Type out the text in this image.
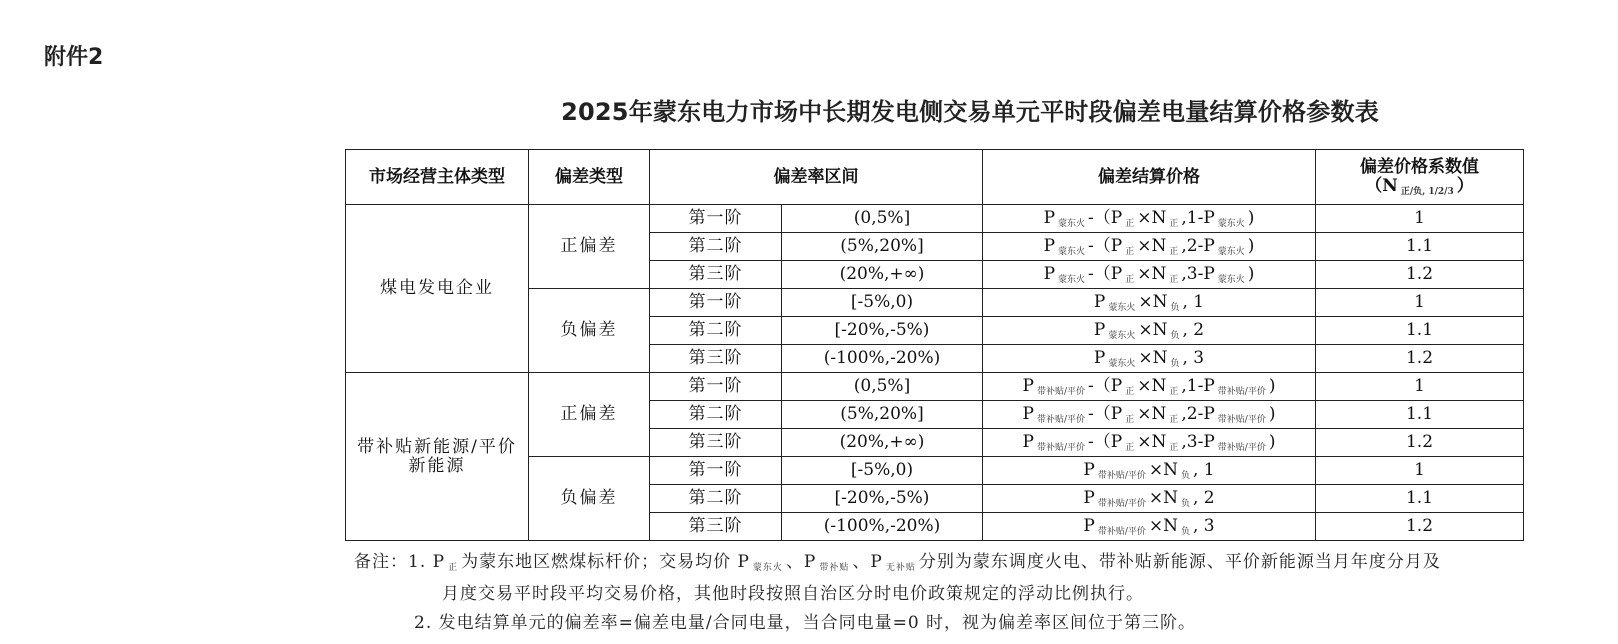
附件2
2025年蒙东电力市场中长期发电侧交易单元平时段偏差电量结算价格参数表
市场经营主体类型	偏差类型	偏差率区间		偏差结算价格	偏差价格系数值
（N正/负, 1/2/3 ）

煤电发电企业	正偏差	第一阶	(0,5%]	P 蒙东火 -（P 正 ×N 正 ,1-P 蒙东火 )	1
		第二阶	(5%,20%]	P 蒙东火 -（P 正 ×N 正 ,2-P 蒙东火 )	1.1
		第三阶	(20%,+∞)	P 蒙东火 -（P 正 ×N 正 ,3-P 蒙东火 )	1.2
	负偏差	第一阶	[-5%,0)	P 蒙东火 ×N 负 , 1	1
		第二阶	[-20%,-5%)	P 蒙东火 ×N 负 , 2	1.1
		第三阶	(-100%,-20%)	P 蒙东火 ×N 负 , 3	1.2

带补贴新能源/平价
新能源	正偏差	第一阶	(0,5%]	P 带补贴/平价 -（P 正 ×N 正 ,1-P 带补贴/平价 )	1
		第二阶	(5%,20%]	P 带补贴/平价 -（P 正 ×N 正 ,2-P 带补贴/平价 )	1.1
		第三阶	(20%,+∞)	P 带补贴/平价 -（P 正 ×N 正 ,3-P 带补贴/平价 )	1.2
	负偏差	第一阶	[-5%,0)	P 带补贴/平价 ×N 负 , 1	1
		第二阶	[-20%,-5%)	P 带补贴/平价 ×N 负 , 2	1.1
		第三阶	(-100%,-20%)	P 带补贴/平价 ×N 负 , 3	1.2
备注：1. P 正 为蒙东地区燃煤标杆价；交易均价 P 蒙东火 、P 带补贴 、P 无补贴 分别为蒙东调度火电、带补贴新能源、平价新能源当月年度分月及
月度交易平时段平均交易价格，其他时段按照自治区分时电价政策规定的浮动比例执行。
2. 发电结算单元的偏差率=偏差电量/合同电量，当合同电量=0 时，视为偏差率区间位于第三阶。
